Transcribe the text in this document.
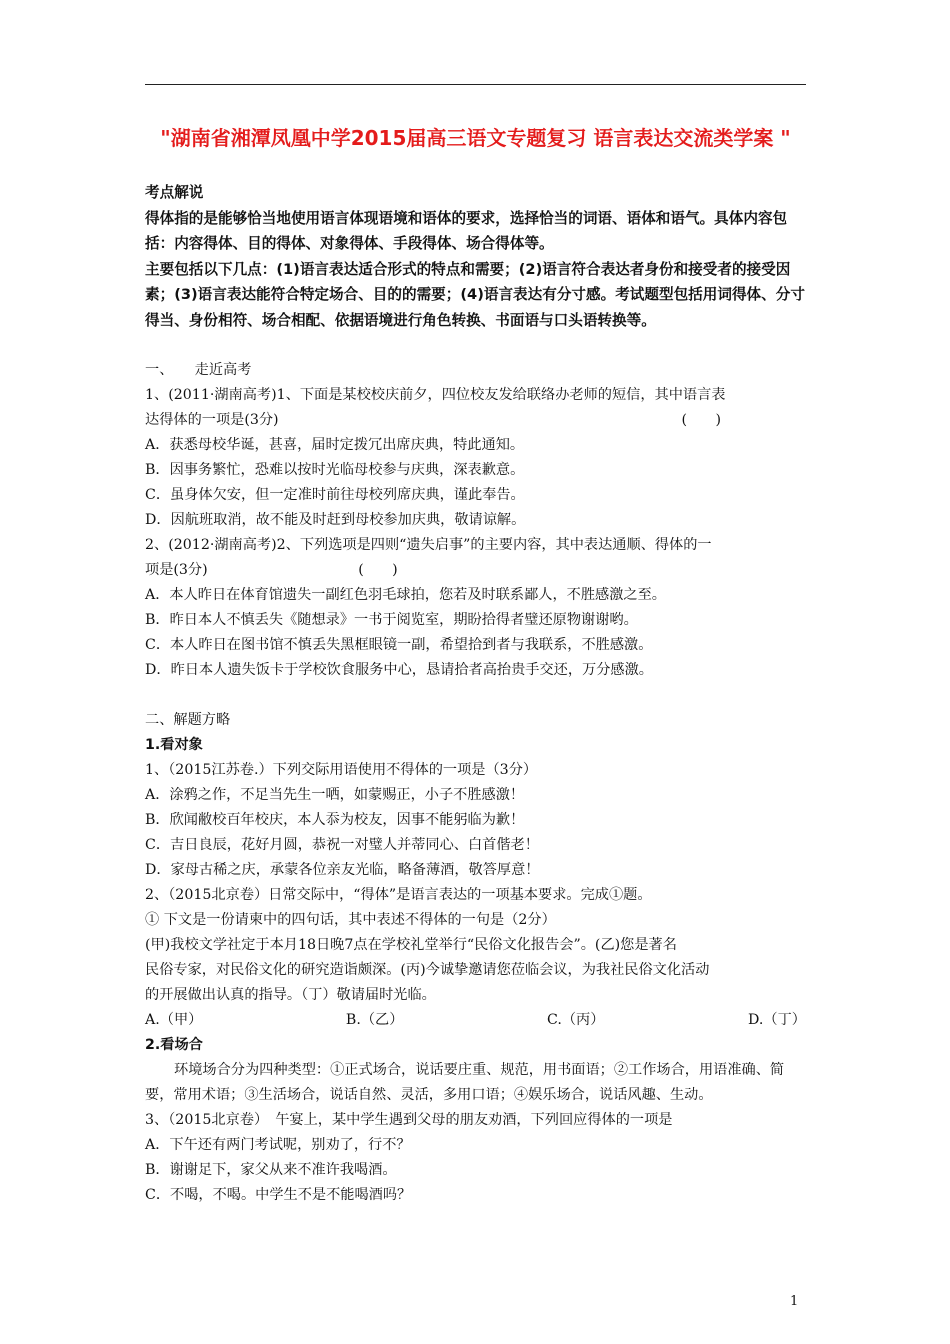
"湖南省湘潭凤凰中学2015届高三语文专题复习 语言表达交流类学案 "
考点解说
得体指的是能够恰当地使用语言体现语境和语体的要求，选择恰当的词语、语体和语气。具体内容包括：内容得体、目的得体、对象得体、手段得体、场合得体等。
主要包括以下几点：(1)语言表达适合形式的特点和需要；(2)语言符合表达者身份和接受者的接受因素；(3)语言表达能符合特定场合、目的的需要；(4)语言表达有分寸感。考试题型包括用词得体、分寸得当、身份相符、场合相配、依据语境进行角色转换、书面语与口头语转换等。
一、　　走近高考
1、(2011·湖南高考)1、下面是某校校庆前夕，四位校友发给联络办老师的短信，其中语言表
达得体的一项是(3分)	(　　)
A．获悉母校华诞，甚喜，届时定拨冗出席庆典，特此通知。
B．因事务繁忙，恐难以按时光临母校参与庆典，深表歉意。
C．虽身体欠安，但一定准时前往母校列席庆典，谨此奉告。
D．因航班取消，故不能及时赶到母校参加庆典，敬请谅解。
2、(2012·湖南高考)2、下列选项是四则“遗失启事”的主要内容，其中表达通顺、得体的一
项是(3分)	(　　)
A．本人昨日在体育馆遗失一副红色羽毛球拍，您若及时联系鄙人，不胜感激之至。
B．昨日本人不慎丢失《随想录》一书于阅览室，期盼拾得者璧还原物谢谢哟。
C．本人昨日在图书馆不慎丢失黑框眼镜一副，希望拾到者与我联系，不胜感激。
D．昨日本人遗失饭卡于学校饮食服务中心，恳请拾者高抬贵手交还，万分感激。
二、解题方略
1.看对象
1、（2015江苏卷.）下列交际用语使用不得体的一项是（3分）
A．涂鸦之作，不足当先生一哂，如蒙赐正，小子不胜感激！
B．欣闻敝校百年校庆，本人忝为校友，因事不能躬临为歉！
C．吉日良辰，花好月圆，恭祝一对璧人并蒂同心、白首偕老！
D．家母古稀之庆，承蒙各位亲友光临，略备薄酒，敬答厚意！
2、（2015北京卷）日常交际中，“得体”是语言表达的一项基本要求。完成①题。
① 下文是一份请柬中的四句话，其中表述不得体的一句是（2分）
(甲)我校文学社定于本月18日晚7点在学校礼堂举行“民俗文化报告会”。(乙)您是著名
民俗专家，对民俗文化的研究造诣颇深。(丙)今诚挚邀请您莅临会议，为我社民俗文化活动
的开展做出认真的指导。（丁）敬请届时光临。
A.（甲）	B.（乙）	C.（丙）	D.（丁）
2.看场合
环境场合分为四种类型：①正式场合，说话要庄重、规范，用书面语；②工作场合，用语准确、简要，常用术语；③生活场合，说话自然、灵活，多用口语；④娱乐场合，说话风趣、生动。
3、（2015北京卷）　午宴上，某中学生遇到父母的朋友劝酒，下列回应得体的一项是
A．下午还有两门考试呢，别劝了，行不？
B．谢谢足下，家父从来不准许我喝酒。
C．不喝，不喝。中学生不是不能喝酒吗？
1
